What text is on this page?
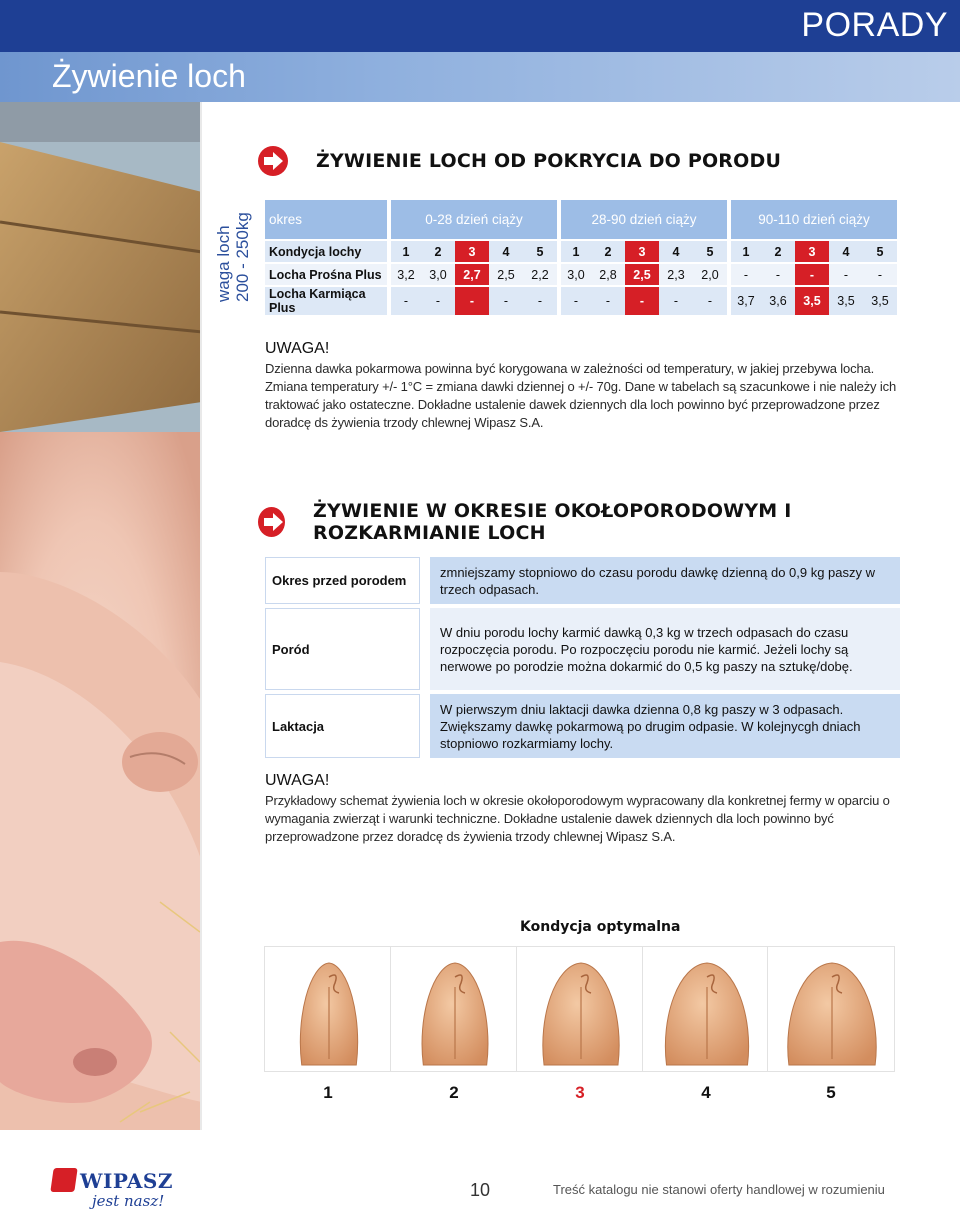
PORADY
Żywienie loch
waga loch 200 - 250kg
ŻYWIENIE LOCH OD POKRYCIA DO PORODU
okres	0-28 dzień ciąży					28-90 dzień ciąży					90-110 dzień ciąży				
Kondycja lochy	1	2	3	4	5	1	2	3	4	5	1	2	3	4	5
Locha Prośna Plus	3,2	3,0	2,7	2,5	2,2	3,0	2,8	2,5	2,3	2,0	-	-	-	-	-
Locha Karmiąca Plus	-	-	-	-	-	-	-	-	-	-	3,7	3,6	3,5	3,5	3,5
UWAGA!

Dzienna dawka pokarmowa powinna być korygowana w zależności od temperatury, w jakiej przebywa locha.

Zmiana temperatury +/- 1°C = zmiana dawki dziennej o +/- 70g. Dane w tabelach są szacunkowe i nie należy ich traktować jako ostateczne. Dokładne ustalenie dawek dziennych dla loch powinno być przeprowadzone przez doradcę ds żywienia trzody chlewnej Wipasz S.A.

ŻYWIENIE W OKRESIE OKOŁOPORODOWYM I ROZKARMIANIE LOCH
Okres przed porodem		zmniejszamy stopniowo do czasu porodu dawkę dzienną do 0,9 kg paszy w trzech odpasach.
Poród		W dniu porodu lochy karmić dawką 0,3 kg w trzech odpasach do czasu rozpoczęcia porodu. Po rozpoczęciu porodu nie karmić. Jeżeli lochy są nerwowe po porodzie można dokarmić do 0,5 kg paszy na sztukę/dobę.
Laktacja		W pierwszym dniu laktacji dawka dzienna 0,8 kg paszy w 3 odpasach. Zwiększamy dawkę pokarmową po drugim odpasie. W kolejnycgh dniach stopniowo rozkarmiamy lochy.
UWAGA!

Przykładowy schemat żywienia loch w okresie okołoporodowym wypracowany dla konkretnej fermy w oparciu o wymagania zwierząt i warunki techniczne. Dokładne ustalenie dawek dziennych dla loch powinno być przeprowadzone przez doradcę ds żywienia trzody chlewnej Wipasz S.A.

Kondycja optymalna
1	2	3	4	5
WIPASZ
jest nasz!
10	Treść katalogu nie stanowi oferty handlowej w rozumieniu
